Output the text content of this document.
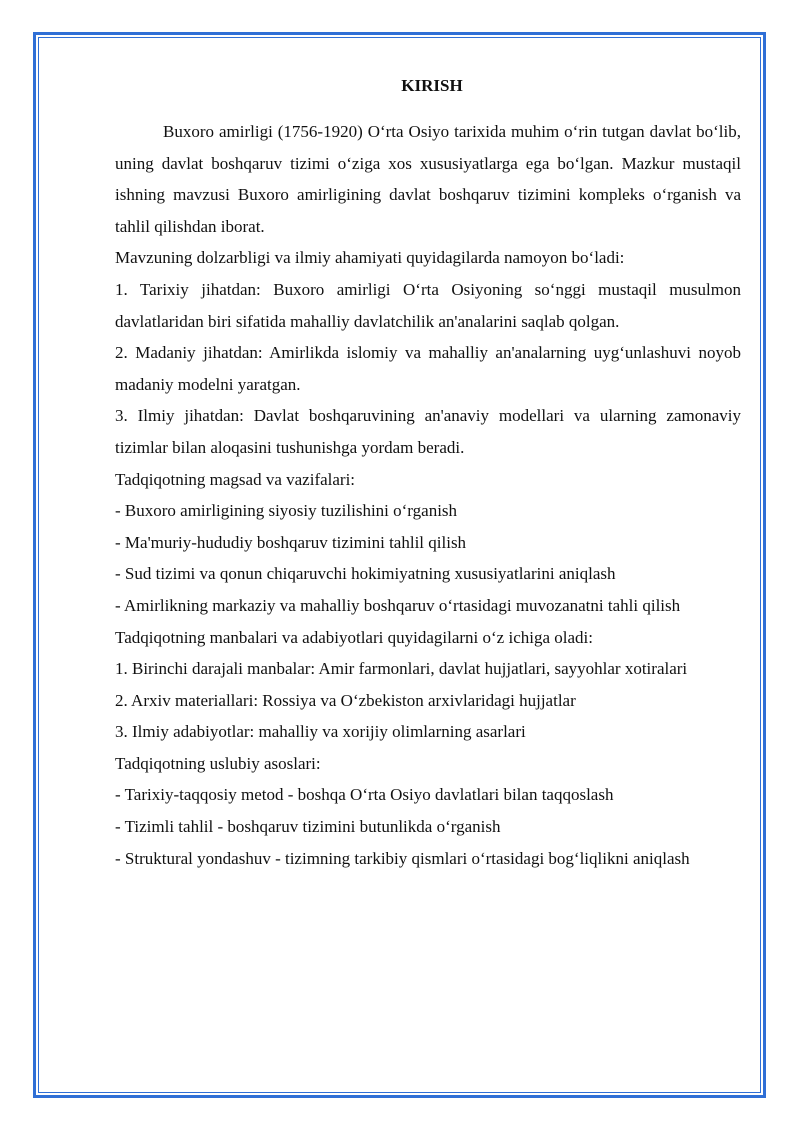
KIRISH

Buxoro amirligi (1756-1920) O‘rta Osiyo tarixida muhim o‘rin tutgan davlat bo‘lib, uning davlat boshqaruv tizimi o‘ziga xos xususiyatlarga ega bo‘lgan. Mazkur mustaqil ishning mavzusi Buxoro amirligining davlat boshqaruv tizimini kompleks o‘rganish va tahlil qilishdan iborat.

Mavzuning dolzarbligi va ilmiy ahamiyati quyidagilarda namoyon bo‘ladi:

1. Tarixiy jihatdan: Buxoro amirligi O‘rta Osiyoning so‘nggi mustaqil musulmon davlatlaridan biri sifatida mahalliy davlatchilik an'analarini saqlab qolgan.

2. Madaniy jihatdan: Amirlikda islomiy va mahalliy an'analarning uyg‘unlashuvi noyob madaniy modelni yaratgan.

3. Ilmiy jihatdan: Davlat boshqaruvining an'anaviy modellari va ularning zamonaviy tizimlar bilan aloqasini tushunishga yordam beradi.

Tadqiqotning magsad va vazifalari:

- Buxoro amirligining siyosiy tuzilishini o‘rganish

- Ma'muriy-hududiy boshqaruv tizimini tahlil qilish

- Sud tizimi va qonun chiqaruvchi hokimiyatning xususiyatlarini aniqlash

- Amirlikning markaziy va mahalliy boshqaruv o‘rtasidagi muvozanatni tahli qilish

Tadqiqotning manbalari va adabiyotlari quyidagilarni o‘z ichiga oladi:

1. Birinchi darajali manbalar: Amir farmonlari, davlat hujjatlari, sayyohlar xotiralari

2. Arxiv materiallari: Rossiya va O‘zbekiston arxivlaridagi hujjatlar

3. Ilmiy adabiyotlar: mahalliy va xorijiy olimlarning asarlari

Tadqiqotning uslubiy asoslari:

- Tarixiy-taqqosiy metod - boshqa O‘rta Osiyo davlatlari bilan taqqoslash

- Tizimli tahlil - boshqaruv tizimini butunlikda o‘rganish

- Struktural yondashuv - tizimning tarkibiy qismlari o‘rtasidagi bog‘liqlikni aniqlash
